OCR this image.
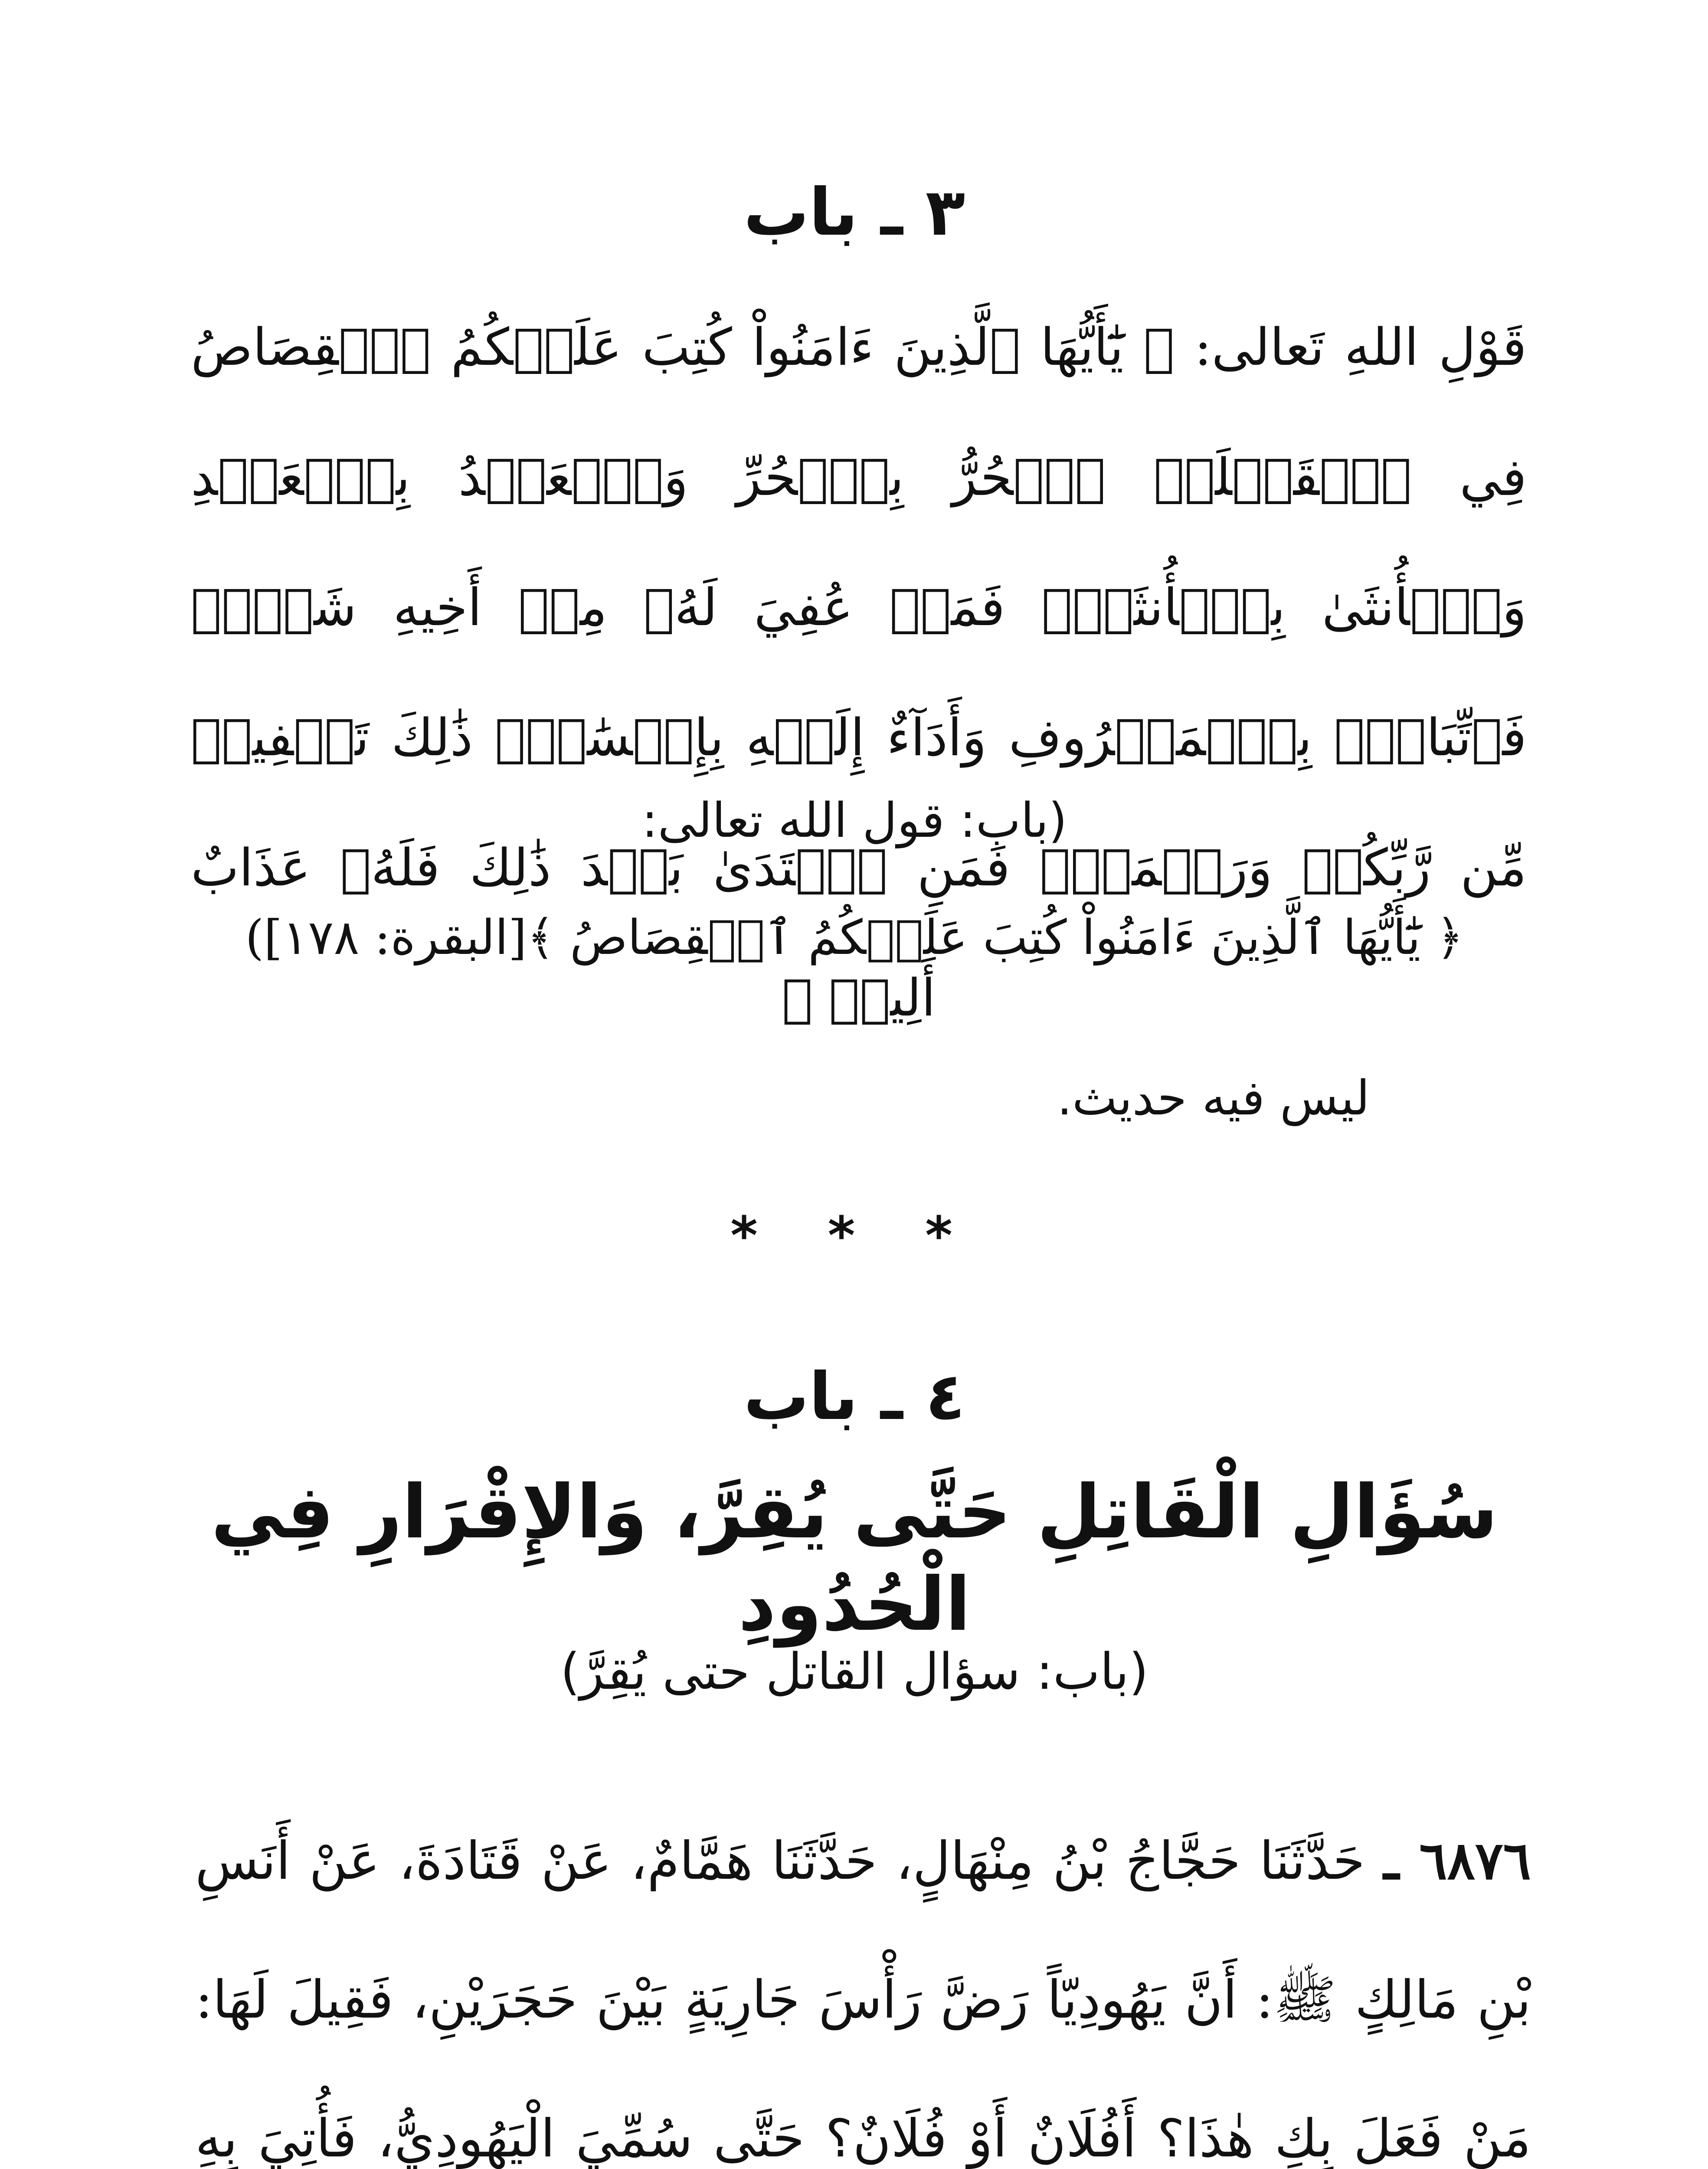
٣ ـ باب
قَوْلِ اللهِ تَعالى: ﴿ يَٰٓأَيُّهَا ٱلَّذِينَ ءَامَنُواْ كُتِبَ عَلَيۡكُمُ ٱلۡقِصَاصُ فِي ٱلۡقَتۡلَىۖ ٱلۡحُرُّ بِٱلۡحُرِّ وَٱلۡعَبۡدُ بِٱلۡعَبۡدِ وَٱلۡأُنثَىٰ بِٱلۡأُنثَىٰۚ فَمَنۡ عُفِيَ لَهُۥ مِنۡ أَخِيهِ شَيۡءٞ فَٱتِّبَاعُۢ بِٱلۡمَعۡرُوفِ وَأَدَآءٌ إِلَيۡهِ بِإِحۡسَٰنٖۗ ذَٰلِكَ تَخۡفِيفٞ مِّن رَّبِّكُمۡ وَرَحۡمَةٞۗ فَمَنِ ٱعۡتَدَىٰ بَعۡدَ ذَٰلِكَ فَلَهُۥ عَذَابٌ أَلِيمٞ ﴾
(باب: قول الله تعالى:
﴿ يَٰٓأَيُّهَا ٱلَّذِينَ ءَامَنُواْ كُتِبَ عَلَيۡكُمُ ٱلۡقِصَاصُ ﴾[البقرة: ١٧٨])
ليس فيه حديث.
* * *
٤ ـ باب
سُؤَالِ الْقَاتِلِ حَتَّى يُقِرَّ، وَالإِقْرَارِ فِي الْحُدُودِ
(باب: سؤال القاتل حتى يُقِرَّ)
٦٨٧٦ ـ حَدَّثَنَا حَجَّاجُ بْنُ مِنْهَالٍ، حَدَّثَنَا هَمَّامٌ، عَنْ قَتَادَةَ، عَنْ أَنَسِ بْنِ مَالِكٍ ﷺ: أَنَّ يَهُودِيّاً رَضَّ رَأْسَ جَارِيَةٍ بَيْنَ حَجَرَيْنِ، فَقِيلَ لَهَا: مَنْ فَعَلَ بِكِ هٰذَا؟ أَفُلَانٌ أَوْ فُلَانٌ؟ حَتَّى سُمِّيَ الْيَهُودِيُّ، فَأُتِيَ بِهِ
